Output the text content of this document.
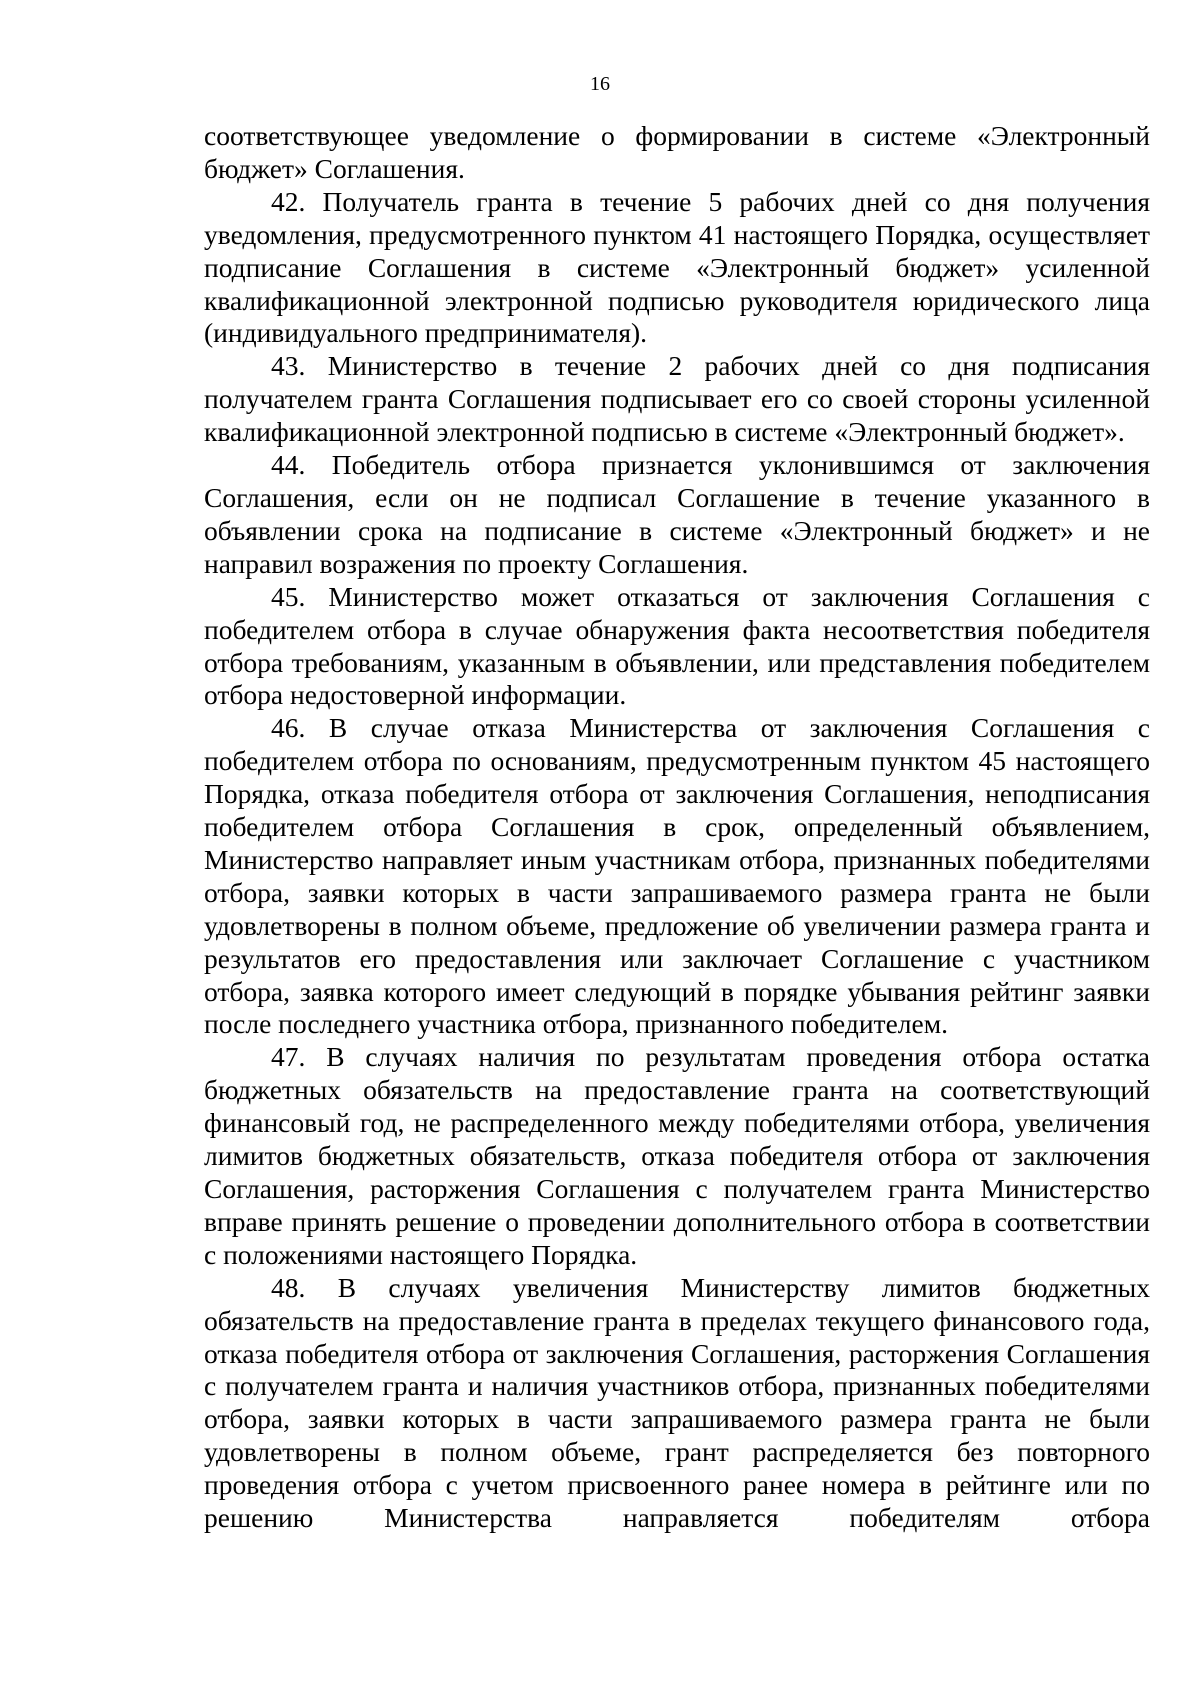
16

соответствующее уведомление о формировании в системе «Электронный бюджет» Соглашения.

42. Получатель гранта в течение 5 рабочих дней со дня получения уведомления, предусмотренного пунктом 41 настоящего Порядка, осуществляет подписание Соглашения в системе «Электронный бюджет» усиленной квалификационной электронной подписью руководителя юридического лица (индивидуального предпринимателя).

43. Министерство в течение 2 рабочих дней со дня подписания получателем гранта Соглашения подписывает его со своей стороны усиленной квалификационной электронной подписью в системе «Электронный бюджет».

44. Победитель отбора признается уклонившимся от заключения Соглашения, если он не подписал Соглашение в течение указанного в объявлении срока на подписание в системе «Электронный бюджет» и не направил возражения по проекту Соглашения.

45. Министерство может отказаться от заключения Соглашения с победителем отбора в случае обнаружения факта несоответствия победителя отбора требованиям, указанным в объявлении, или представления победителем отбора недостоверной информации.

46. В случае отказа Министерства от заключения Соглашения с победителем отбора по основаниям, предусмотренным пунктом 45 настоящего Порядка, отказа победителя отбора от заключения Соглашения, неподписания победителем отбора Соглашения в срок, определенный объявлением, Министерство направляет иным участникам отбора, признанных победителями отбора, заявки которых в части запрашиваемого размера гранта не были удовлетворены в полном объеме, предложение об увеличении размера гранта и результатов его предоставления или заключает Соглашение с участником отбора, заявка которого имеет следующий в порядке убывания рейтинг заявки после последнего участника отбора, признанного победителем.

47. В случаях наличия по результатам проведения отбора остатка бюджетных обязательств на предоставление гранта на соответствующий финансовый год, не распределенного между победителями отбора, увеличения лимитов бюджетных обязательств, отказа победителя отбора от заключения Соглашения, расторжения Соглашения с получателем гранта Министерство вправе принять решение о проведении дополнительного отбора в соответствии с положениями настоящего Порядка.

48. В случаях увеличения Министерству лимитов бюджетных обязательств на предоставление гранта в пределах текущего финансового года, отказа победителя отбора от заключения Соглашения, расторжения Соглашения с получателем гранта и наличия участников отбора, признанных победителями отбора, заявки которых в части запрашиваемого размера гранта не были удовлетворены в полном объеме, грант распределяется без повторного проведения отбора с учетом присвоенного ранее номера в рейтинге или по решению Министерства направляется победителям отбора
